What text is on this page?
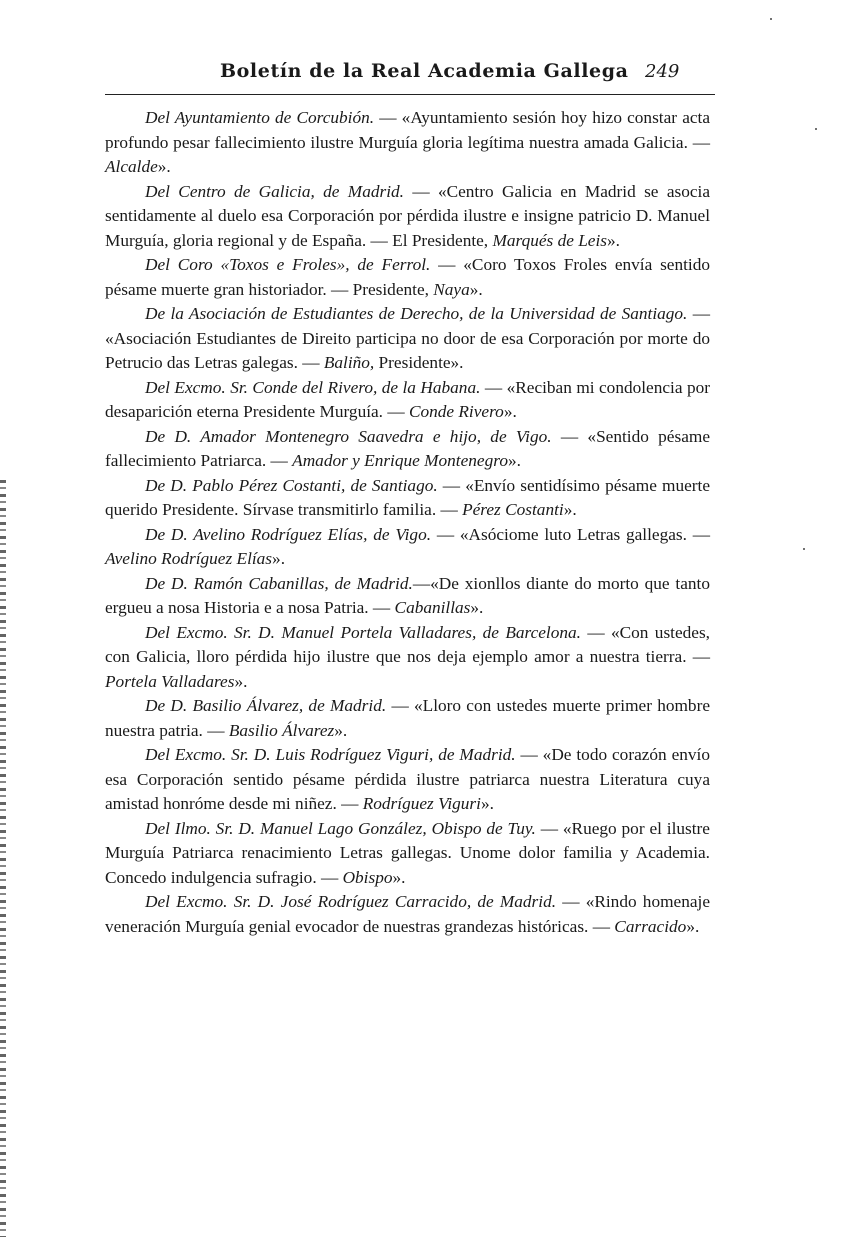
Boletín de la Real Academia Gallega 249

Del Ayuntamiento de Corcubión. — «Ayuntamiento sesión hoy hizo constar acta profundo pesar fallecimiento ilustre Murguía gloria legítima nuestra amada Galicia. — Alcalde».

Del Centro de Galicia, de Madrid. — «Centro Galicia en Madrid se asocia sentidamente al duelo esa Corporación por pérdida ilustre e insigne patricio D. Manuel Murguía, gloria regional y de España. — El Presidente, Marqués de Leis».

Del Coro «Toxos e Froles», de Ferrol. — «Coro Toxos Froles envía sentido pésame muerte gran historiador. — Presidente, Naya».

De la Asociación de Estudiantes de Derecho, de la Universidad de Santiago. — «Asociación Estudiantes de Direito participa no door de esa Corporación por morte do Petrucio das Letras galegas. — Baliño, Presidente».

Del Excmo. Sr. Conde del Rivero, de la Habana. — «Reciban mi condolencia por desaparición eterna Presidente Murguía. — Conde Rivero».

De D. Amador Montenegro Saavedra e hijo, de Vigo. — «Sentido pésame fallecimiento Patriarca. — Amador y Enrique Montenegro».

De D. Pablo Pérez Costanti, de Santiago. — «Envío sentidísimo pésame muerte querido Presidente. Sírvase transmitirlo familia. — Pérez Costanti».

De D. Avelino Rodríguez Elías, de Vigo. — «Asóciome luto Letras gallegas. — Avelino Rodríguez Elías».

De D. Ramón Cabanillas, de Madrid.—«De xionllos diante do morto que tanto ergueu a nosa Historia e a nosa Patria. — Cabanillas».

Del Excmo. Sr. D. Manuel Portela Valladares, de Barcelona. — «Con ustedes, con Galicia, lloro pérdida hijo ilustre que nos deja ejemplo amor a nuestra tierra. — Portela Valladares».

De D. Basilio Álvarez, de Madrid. — «Lloro con ustedes muerte primer hombre nuestra patria. — Basilio Álvarez».

Del Excmo. Sr. D. Luis Rodríguez Viguri, de Madrid. — «De todo corazón envío esa Corporación sentido pésame pérdida ilustre patriarca nuestra Literatura cuya amistad honróme desde mi niñez. — Rodríguez Viguri».

Del Ilmo. Sr. D. Manuel Lago González, Obispo de Tuy. — «Ruego por el ilustre Murguía Patriarca renacimiento Letras gallegas. Unome dolor familia y Academia. Concedo indulgencia sufragio. — Obispo».

Del Excmo. Sr. D. José Rodríguez Carracido, de Madrid. — «Rindo homenaje veneración Murguía genial evocador de nuestras grandezas históricas. — Carracido».
